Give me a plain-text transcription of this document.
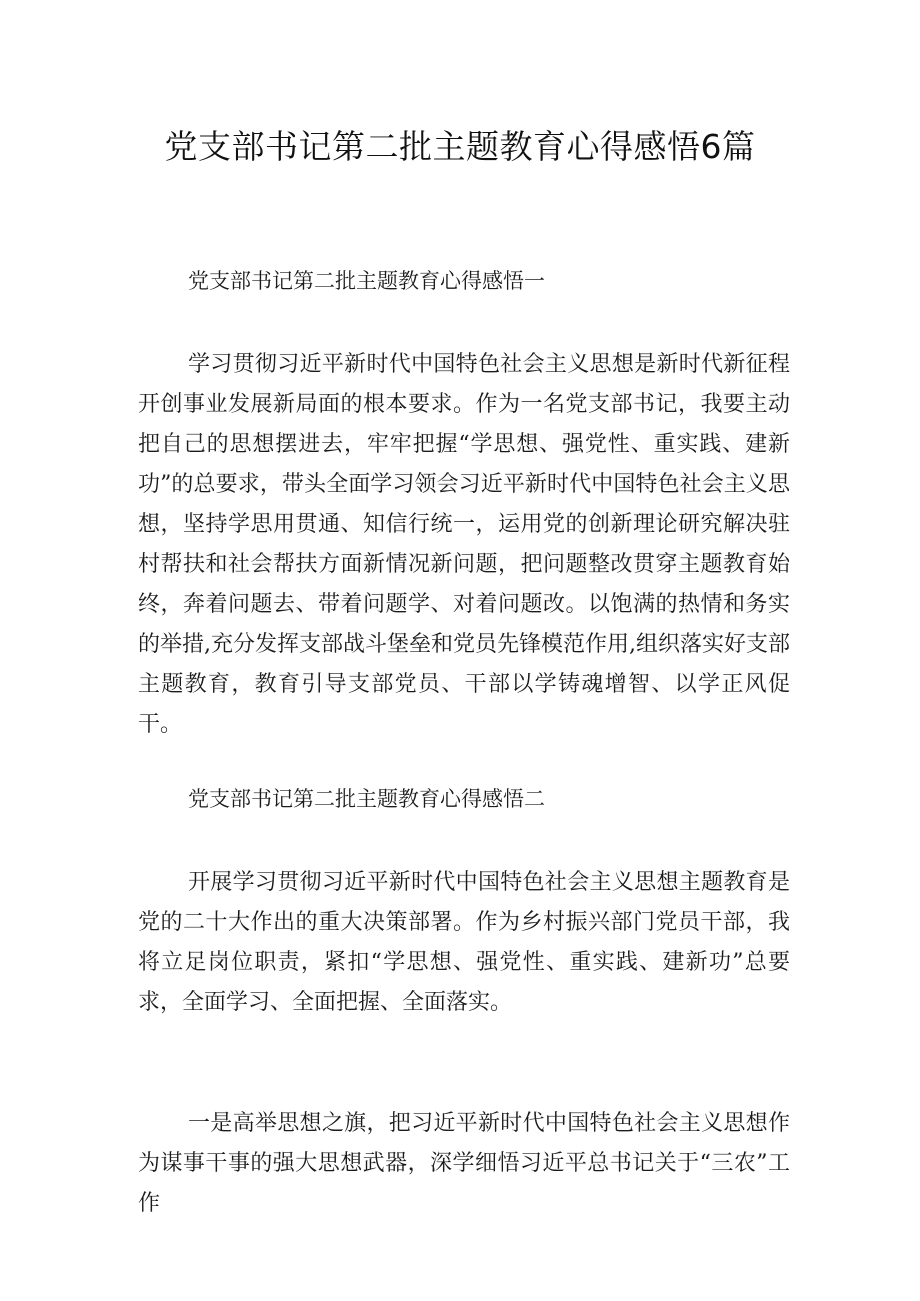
党支部书记第二批主题教育心得感悟6篇
党支部书记第二批主题教育心得感悟一

学习贯彻习近平新时代中国特色社会主义思想是新时代新征程开创事业发展新局面的根本要求。作为一名党支部书记，我要主动把自己的思想摆进去，牢牢把握“学思想、强党性、重实践、建新功”的总要求，带头全面学习领会习近平新时代中国特色社会主义思想，坚持学思用贯通、知信行统一，运用党的创新理论研究解决驻村帮扶和社会帮扶方面新情况新问题，把问题整改贯穿主题教育始终，奔着问题去、带着问题学、对着问题改。以饱满的热情和务实的举措,充分发挥支部战斗堡垒和党员先锋模范作用,组织落实好支部主题教育，教育引导支部党员、干部以学铸魂增智、以学正风促干。

党支部书记第二批主题教育心得感悟二

开展学习贯彻习近平新时代中国特色社会主义思想主题教育是党的二十大作出的重大决策部署。作为乡村振兴部门党员干部，我将立足岗位职责，紧扣“学思想、强党性、重实践、建新功”总要求，全面学习、全面把握、全面落实。

一是高举思想之旗，把习近平新时代中国特色社会主义思想作为谋事干事的强大思想武器，深学细悟习近平总书记关于“三农”工作
